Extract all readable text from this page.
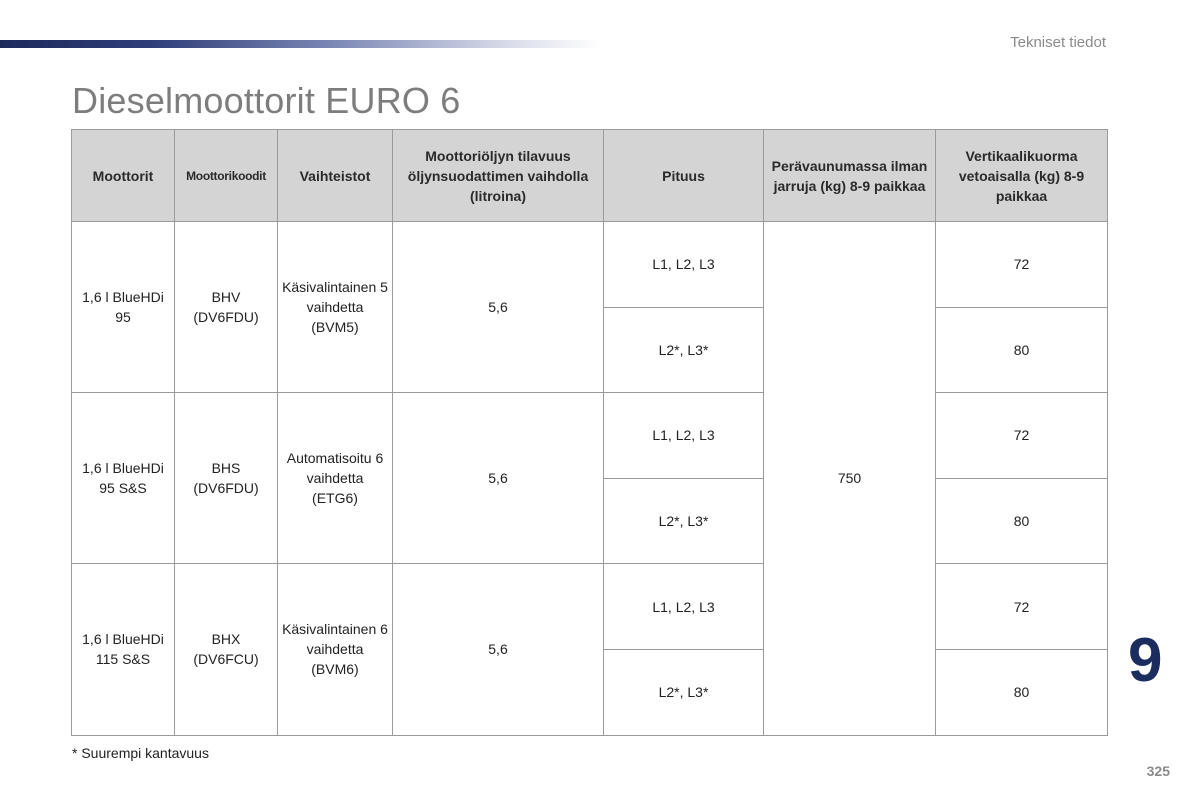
Tekniset tiedot
Dieselmoottorit EURO 6
Moottorit	Moottorikoodit	Vaihteistot	Moottoriöljyn tilavuus öljynsuodattimen vaihdolla (litroina)	Pituus	Perävaunumassa ilman jarruja (kg) 8-9 paikkaa	Vertikaalikuorma vetoaisalla (kg) 8-9 paikkaa
1,6 l BlueHDi 95	BHV (DV6FDU)	Käsivalintainen 5 vaihdetta (BVM5)	5,6	L1, L2, L3	750	72
				L2*, L3*		80
1,6 l BlueHDi 95 S&S	BHS (DV6FDU)	Automatisoitu 6 vaihdetta (ETG6)	5,6	L1, L2, L3		72
				L2*, L3*		80
1,6 l BlueHDi 115 S&S	BHX (DV6FCU)	Käsivalintainen 6 vaihdetta (BVM6)	5,6	L1, L2, L3		72
				L2*, L3*		80
* Suurempi kantavuus
9
325
